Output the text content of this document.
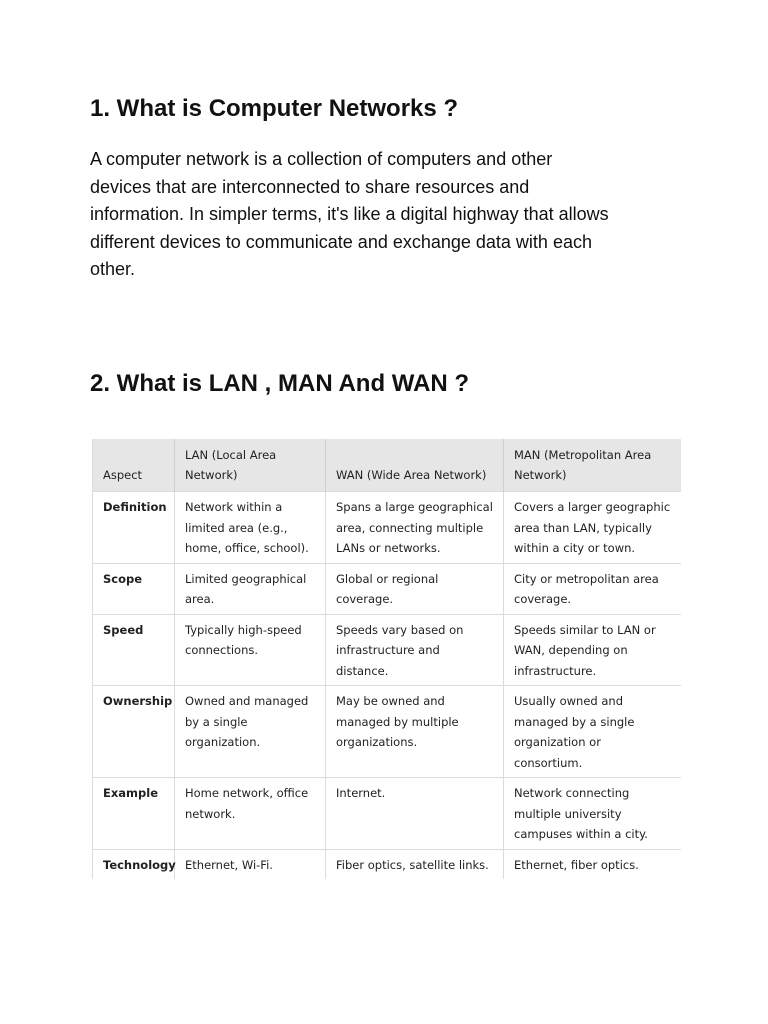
1. What is Computer Networks ?

A computer network is a collection of computers and other
devices that are interconnected to share resources and
information. In simpler terms, it's like a digital highway that allows
different devices to communicate and exchange data with each
other.

2. What is LAN , MAN And WAN ?
Aspect	LAN (Local Area Network)	WAN (Wide Area Network)	MAN (Metropolitan Area Network)
Definition	Network within a limited area (e.g., home, office, school).	Spans a large geographical area, connecting multiple LANs or networks.	Covers a larger geographic area than LAN, typically within a city or town.
Scope	Limited geographical area.	Global or regional coverage.	City or metropolitan area coverage.
Speed	Typically high-speed connections.	Speeds vary based on infrastructure and distance.	Speeds similar to LAN or WAN, depending on infrastructure.
Ownership	Owned and managed by a single organization.	May be owned and managed by multiple organizations.	Usually owned and managed by a single organization or consortium.
Example	Home network, office network.	Internet.	Network connecting multiple university campuses within a city.
Technology	Ethernet, Wi-Fi.	Fiber optics, satellite links.	Ethernet, fiber optics.
